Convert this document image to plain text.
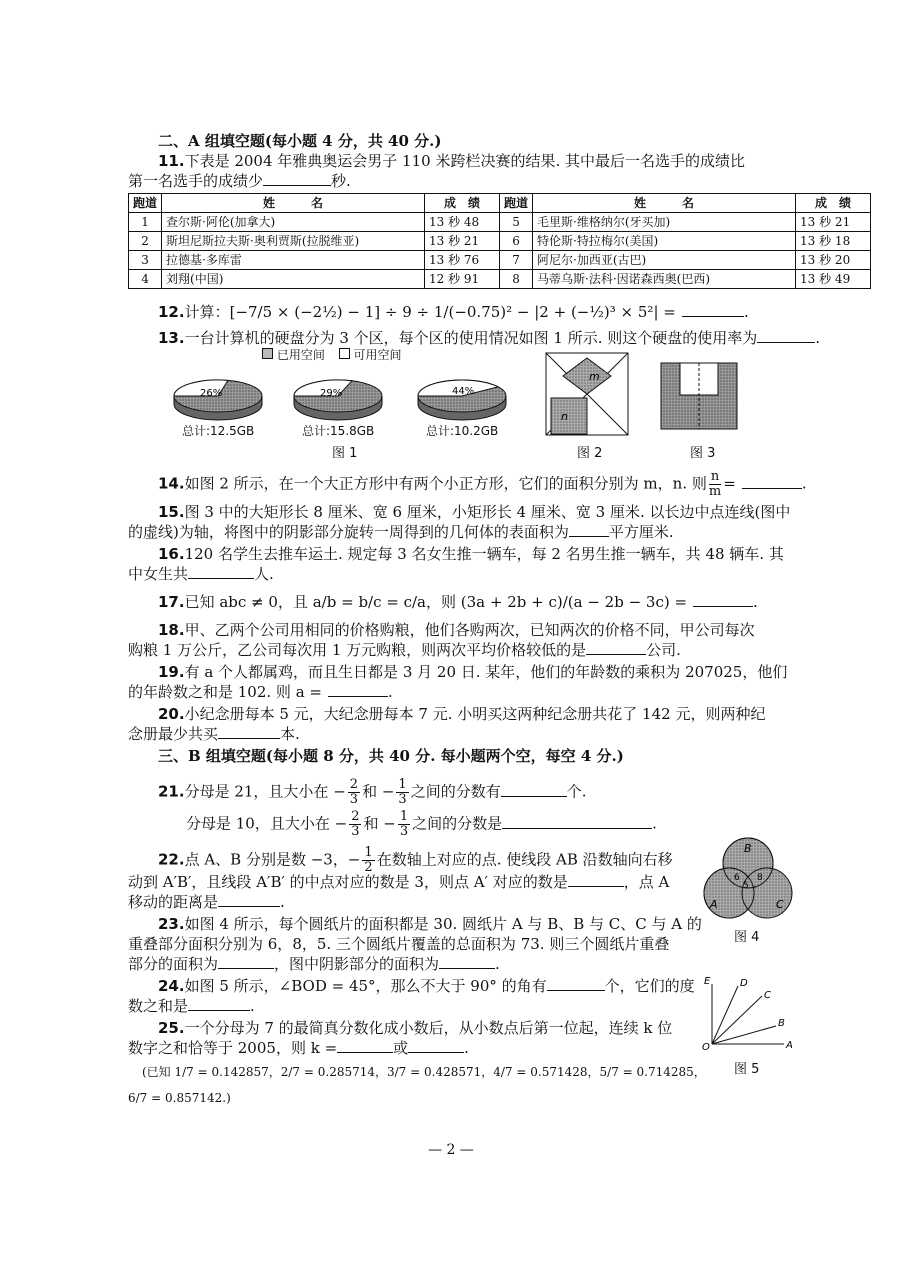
二、A 组填空题(每小题 4 分，共 40 分.)
11.下表是 2004 年雅典奥运会男子 110 米跨栏决赛的结果. 其中最后一名选手的成绩比
第一名选手的成绩少	秒.
跑道	姓　　　名	成　绩	跑道	姓　　　名	成　绩
1	查尔斯·阿伦(加拿大)	13 秒 48	5	毛里斯·维格纳尔(牙买加)	13 秒 21
2	斯坦尼斯拉夫斯·奥利贾斯(拉脱维亚)	13 秒 21	6	特伦斯·特拉梅尔(美国)	13 秒 18
3	拉德基·多库雷	13 秒 76	7	阿尼尔·加西亚(古巴)	13 秒 20
4	刘翔(中国)	12 秒 91	8	马蒂乌斯·法科·因诺森西奥(巴西)	13 秒 49
12.计算：[−7/5 × (−2½) − 1] ÷ 9 ÷ 1/(−0.75)² − |2 + (−½)³ × 5²| =	.
13.一台计算机的硬盘分为 3 个区，每个区的使用情况如图 1 所示. 则这个硬盘的使用率为	.
已用空间 可用空间
26%	29%	44%
总计:12.5GB	总计:15.8GB	总计:10.2GB
图 1
m
n
图 2	图 3
14.如图 2 所示，在一个大正方形中有两个小正方形，它们的面积分别为 m，n. 则 $\frac{n}{m}$ =	.
15.图 3 中的大矩形长 8 厘米、宽 6 厘米，小矩形长 4 厘米、宽 3 厘米. 以长边中点连线(图中
的虚线)为轴，将图中的阴影部分旋转一周得到的几何体的表面积为	平方厘米.
16.120 名学生去推车运土. 规定每 3 名女生推一辆车，每 2 名男生推一辆车，共 48 辆车. 其
中女生共	人.
17.已知 abc ≠ 0，且 a/b = b/c = c/a，则 (3a + 2b + c)/(a − 2b − 3c) =	.
18.甲、乙两个公司用相同的价格购粮，他们各购两次，已知两次的价格不同，甲公司每次
购粮 1 万公斤，乙公司每次用 1 万元购粮，则两次平均价格较低的是	公司.
19.有 a 个人都属鸡，而且生日都是 3 月 20 日. 某年，他们的年龄数的乘积为 207025，他们
的年龄数之和是 102. 则 a =	.
20.小纪念册每本 5 元，大纪念册每本 7 元. 小明买这两种纪念册共花了 142 元，则两种纪
念册最少共买	本.
三、B 组填空题(每小题 8 分，共 40 分. 每小题两个空，每空 4 分.)
21.分母是 21，且大小在 − $\frac{2}{3}$ 和 − $\frac{1}{3}$ 之间的分数有	个.
分母是 10，且大小在 − $\frac{2}{3}$ 和 − $\frac{1}{3}$ 之间的分数是	.
22.点 A、B 分别是数 −3，− $\frac{1}{2}$ 在数轴上对应的点. 使线段 AB 沿数轴向右移
动到 A′B′，且线段 A′B′ 的中点对应的数是 3，则点 A′ 对应的数是	，点 A
移动的距离是	.
23.如图 4 所示，每个圆纸片的面积都是 30. 圆纸片 A 与 B、B 与 C、C 与 A 的
重叠部分面积分别为 6，8，5. 三个圆纸片覆盖的总面积为 73. 则三个圆纸片重叠
部分的面积为	，图中阴影部分的面积为	.
B
A	C
6
5
8
图 4
24.如图 5 所示，∠BOD = 45°，那么不大于 90° 的角有	个，它们的度
数之和是	.
25.一个分母为 7 的最简真分数化成小数后，从小数点后第一位起，连续 k 位
数字之和恰等于 2005，则 k =	或	.
(已知 1/7 = 0.142857，2/7 = 0.285714，3/7 = 0.428571，4/7 = 0.571428，5/7 = 0.714285，
6/7 = 0.857142.)
E	D
C
B
O	A
图 5
— 2 —
